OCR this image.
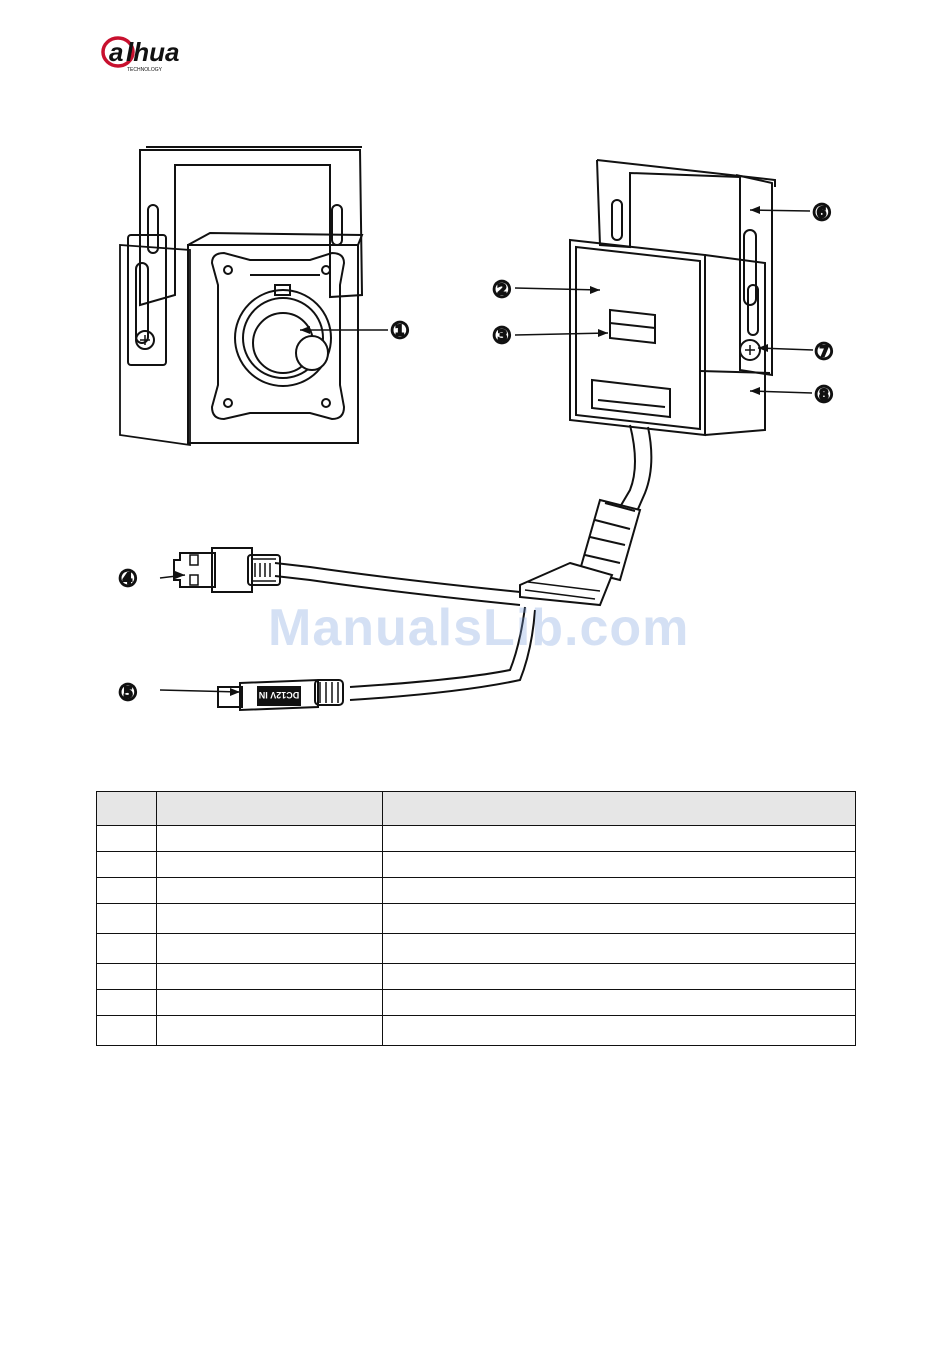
a lhua
TECHNOLOGY
DC12V IN
①
②
③
④
⑤
⑥
⑦
⑧
ManualsLib.com
